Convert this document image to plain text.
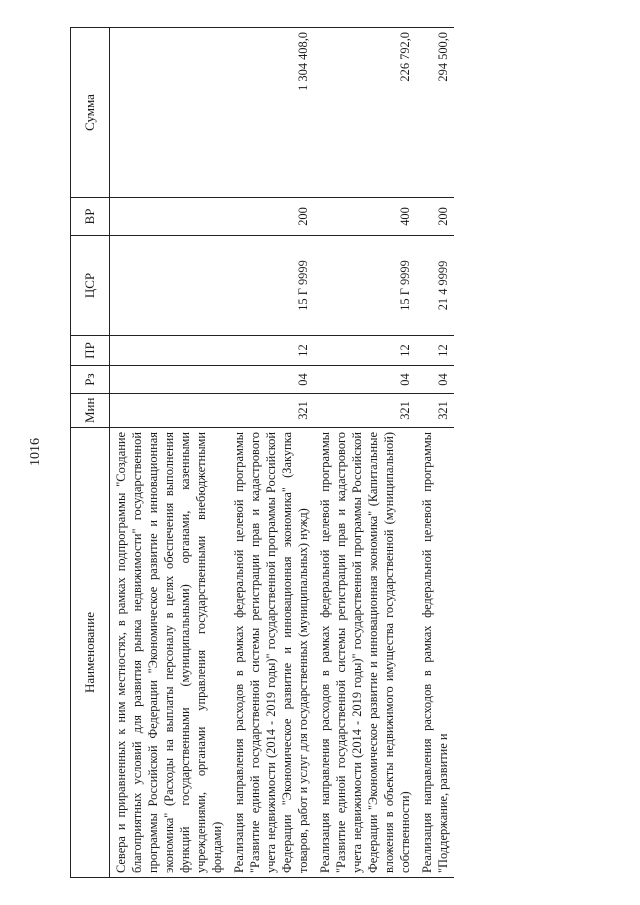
1016
Наименование	Мин	Рз	ПР	ЦСР	ВР	Сумма
Севера и приравненных к ним местностях, в рамках подпрограммы "Создание благоприятных условий для развития рынка недвижимости" государственной программы Российской Федерации "Экономическое развитие и инновационная экономика" (Расходы на выплаты персоналу в целях обеспечения выполнения функций государственными (муниципальными) органами, казенными учреждениями, органами управления государственными внебюджетными фондами)						
Реализация направления расходов в рамках федеральной целевой программы "Развитие единой государственной системы регистрации прав и кадастрового учета недвижимости (2014 - 2019 годы)" государственной программы Российской Федерации "Экономическое развитие и инновационная экономика" (Закупка товаров, работ и услуг для государственных (муниципальных) нужд)	321	04	12	15 Г 9999	200	1 304 408,0
Реализация направления расходов в рамках федеральной целевой программы "Развитие единой государственной системы регистрации прав и кадастрового учета недвижимости (2014 - 2019 годы)" государственной программы Российской Федерации "Экономическое развитие и инновационная экономика" (Капитальные вложения в объекты недвижимого имущества государственной (муниципальной) собственности)	321	04	12	15 Г 9999	400	226 792,0
Реализация направления расходов в рамках федеральной целевой программы "Поддержание, развитие и	321	04	12	21 4 9999	200	294 500,0
